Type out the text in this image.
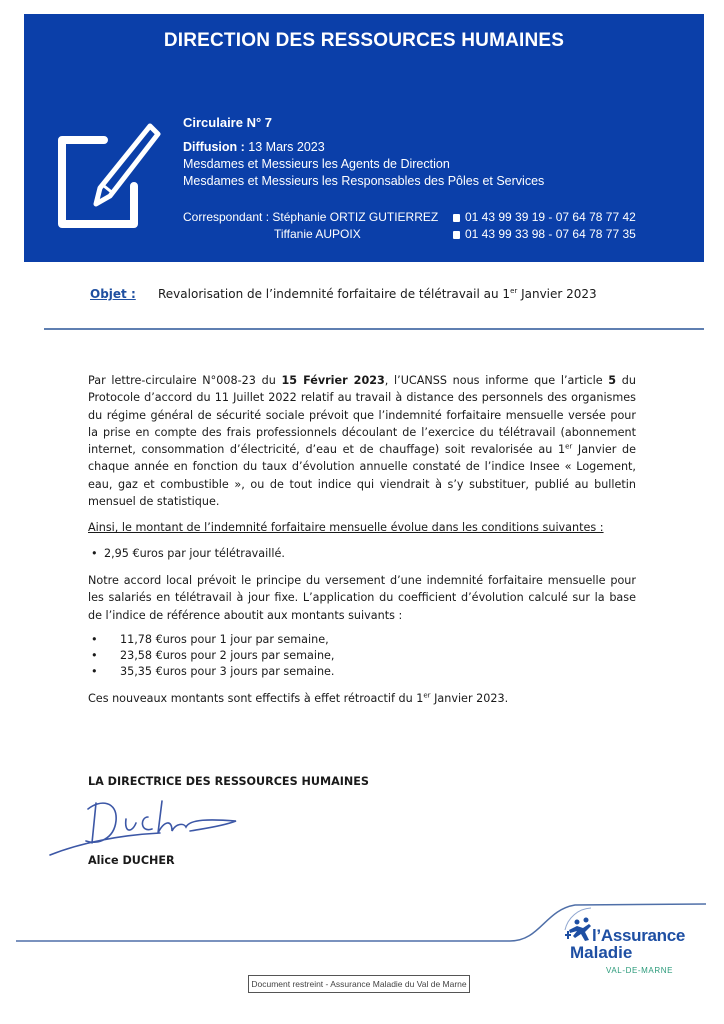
DIRECTION DES RESSOURCES HUMAINES
Circulaire N° 7
Diffusion : 13 Mars 2023
Mesdames et Messieurs les Agents de Direction
Mesdames et Messieurs les Responsables des Pôles et Services
Correspondant : Stéphanie ORTIZ GUTIERREZ	01 43 99 39 19 - 07 64 78 77 42
Tiffanie AUPOIX	01 43 99 33 98 - 07 64 78 77 35
Objet :	Revalorisation de l’indemnité forfaitaire de télétravail au 1er Janvier 2023

Par lettre-circulaire N°008-23 du 15 Février 2023, l’UCANSS nous informe que l’article 5 du Protocole d’accord du 11 Juillet 2022 relatif au travail à distance des personnels des organismes du régime général de sécurité sociale prévoit que l’indemnité forfaitaire mensuelle versée pour la prise en compte des frais professionnels découlant de l’exercice du télétravail (abonnement internet, consommation d’électricité, d’eau et de chauffage) soit revalorisée au 1er Janvier de chaque année en fonction du taux d’évolution annuelle constaté de l’indice Insee « Logement, eau, gaz et combustible », ou de tout indice qui viendrait à s’y substituer, publié au bulletin mensuel de statistique.

Ainsi, le montant de l’indemnité forfaitaire mensuelle évolue dans les conditions suivantes :

• 2,95 €uros par jour télétravaillé.

Notre accord local prévoit le principe du versement d’une indemnité forfaitaire mensuelle pour les salariés en télétravail à jour fixe. L’application du coefficient d’évolution calculé sur la base de l’indice de référence aboutit aux montants suivants :

• 11,78 €uros pour 1 jour par semaine,
• 23,58 €uros pour 2 jours par semaine,
• 35,35 €uros pour 3 jours par semaine.

Ces nouveaux montants sont effectifs à effet rétroactif du 1er Janvier 2023.

LA DIRECTRICE DES RESSOURCES HUMAINES
Alice DUCHER
l’Assurance
Maladie
VAL-DE-MARNE
Document restreint - Assurance Maladie du Val de Marne
